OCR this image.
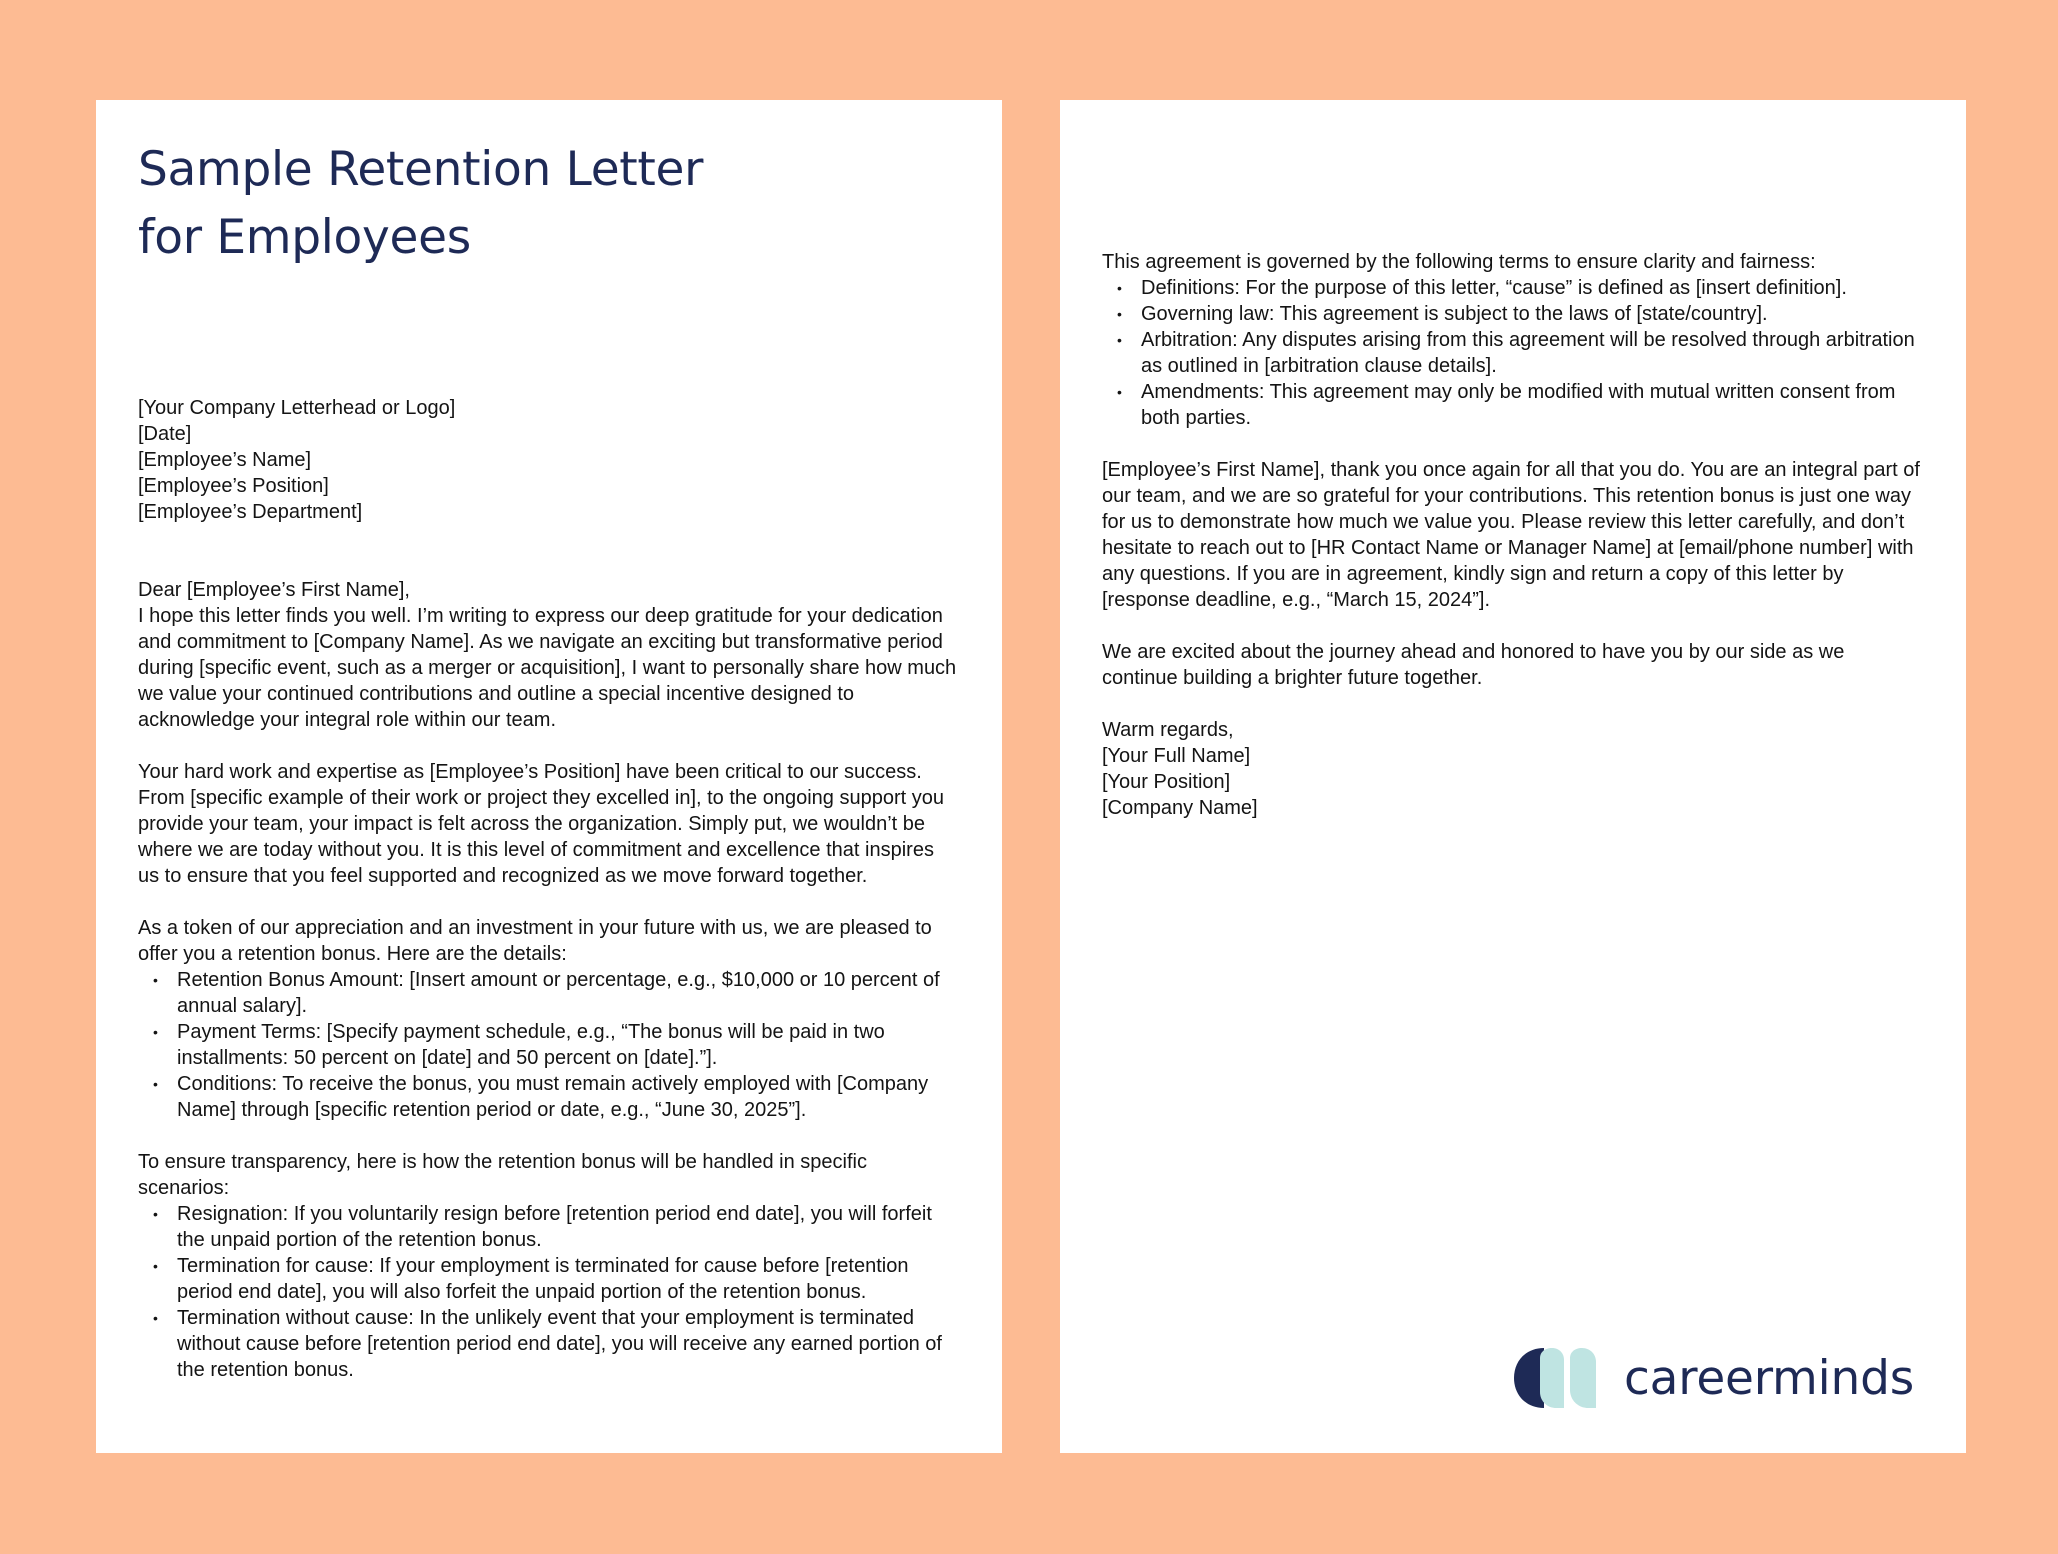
Sample Retention Letter
for Employees
[Your Company Letterhead or Logo]
[Date]
[Employee’s Name]
[Employee’s Position]
[Employee’s Department]
Dear [Employee’s First Name],

I hope this letter finds you well. I’m writing to express our deep gratitude for your dedication and commitment to [Company Name]. As we navigate an exciting but transformative period during [specific event, such as a merger or acquisition], I want to personally share how much we value your continued contributions and outline a special incentive designed to acknowledge your integral role within our team.

Your hard work and expertise as [Employee’s Position] have been critical to our success. From [specific example of their work or project they excelled in], to the ongoing support you provide your team, your impact is felt across the organization. Simply put, we wouldn’t be where we are today without you. It is this level of commitment and excellence that inspires us to ensure that you feel supported and recognized as we move forward together.

As a token of our appreciation and an investment in your future with us, we are pleased to offer you a retention bonus. Here are the details:

• Retention Bonus Amount: [Insert amount or percentage, e.g., $10,000 or 10 percent of annual salary].
• Payment Terms: [Specify payment schedule, e.g., “The bonus will be paid in two installments: 50 percent on [date] and 50 percent on [date].”].
• Conditions: To receive the bonus, you must remain actively employed with [Company Name] through [specific retention period or date, e.g., “June 30, 2025”].

To ensure transparency, here is how the retention bonus will be handled in specific scenarios:

• Resignation: If you voluntarily resign before [retention period end date], you will forfeit the unpaid portion of the retention bonus.
• Termination for cause: If your employment is terminated for cause before [retention period end date], you will also forfeit the unpaid portion of the retention bonus.
• Termination without cause: In the unlikely event that your employment is terminated without cause before [retention period end date], you will receive any earned portion of the retention bonus.

This agreement is governed by the following terms to ensure clarity and fairness:

• Definitions: For the purpose of this letter, “cause” is defined as [insert definition].
• Governing law: This agreement is subject to the laws of [state/country].
• Arbitration: Any disputes arising from this agreement will be resolved through arbitration as outlined in [arbitration clause details].
• Amendments: This agreement may only be modified with mutual written consent from both parties.

[Employee’s First Name], thank you once again for all that you do. You are an integral part of our team, and we are so grateful for your contributions. This retention bonus is just one way for us to demonstrate how much we value you. Please review this letter carefully, and don’t hesitate to reach out to [HR Contact Name or Manager Name] at [email/phone number] with any questions. If you are in agreement, kindly sign and return a copy of this letter by [response deadline, e.g., “March 15, 2024”].

We are excited about the journey ahead and honored to have you by our side as we continue building a brighter future together.

Warm regards,
[Your Full Name]
[Your Position]
[Company Name]
careerminds
